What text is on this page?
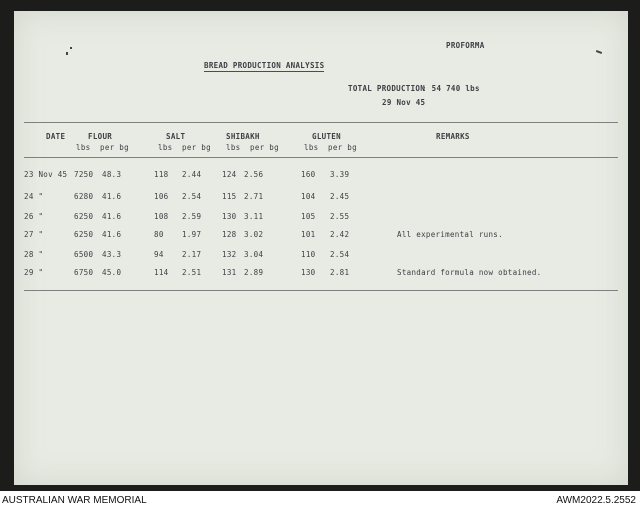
PROFORMA
BREAD PRODUCTION ANALYSIS
TOTAL PRODUCTION
: 54 740 lbs
29 Nov 45
DATE	FLOUR	SALT	SHIBAKH	GLUTEN	REMARKS
lbs per bg	lbs per bg lbs per bg	lbs per bg
23 Nov 45 7250 48.3	118 2.44	124 2.56	160 3.39
24 "	6280 41.6	106 2.54	115 2.71	104 2.45
26 "	6250 41.6	108 2.59	130 3.11	105 2.55
27 "	6250 41.6	80 1.97	128 3.02	101 2.42	All experimental runs.
28 "	6500 43.3	94 2.17	132 3.04	110 2.54
29 "	6750 45.0	114 2.51	131 2.89	130 2.81	Standard formula now obtained.
AUSTRALIAN WAR MEMORIAL	AWM2022.5.2552
